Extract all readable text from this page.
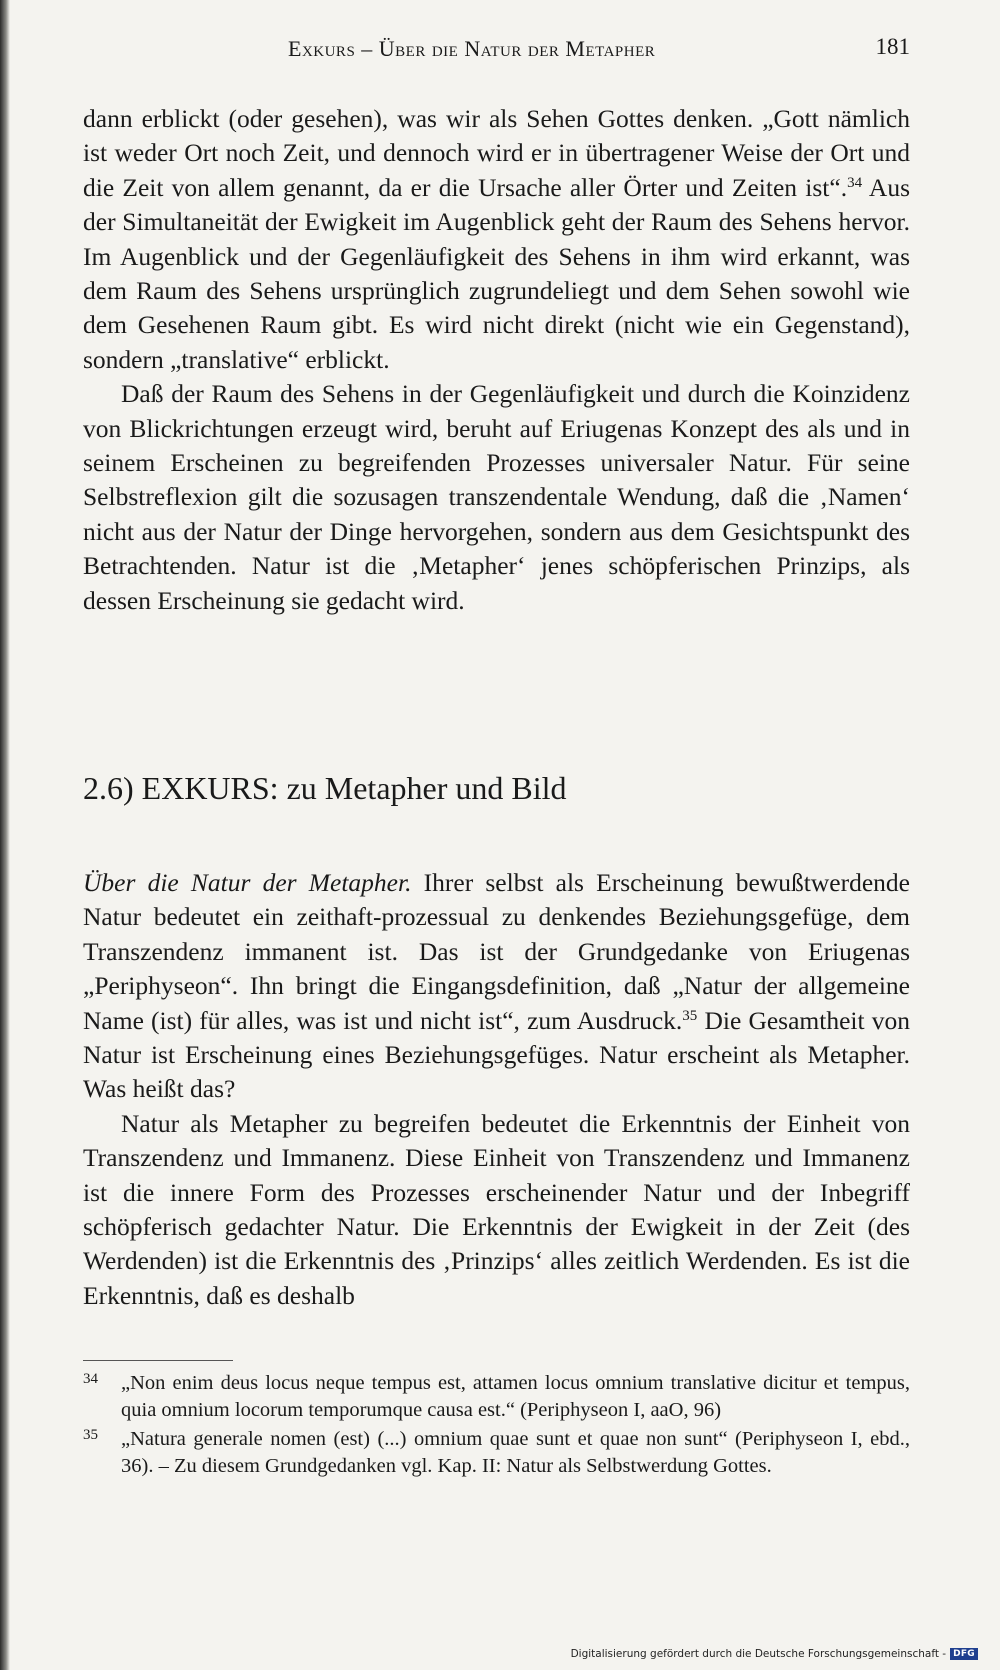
Exkurs – Über die Natur der Metapher	181

dann erblickt (oder gesehen), was wir als Sehen Gottes denken. „Gott nämlich ist weder Ort noch Zeit, und dennoch wird er in übertragener Weise der Ort und die Zeit von allem genannt, da er die Ursache aller Örter und Zeiten ist“.$^{34}$ Aus der Simultaneität der Ewigkeit im Augenblick geht der Raum des Sehens hervor. Im Augenblick und der Gegenläufigkeit des Sehens in ihm wird erkannt, was dem Raum des Sehens ursprünglich zugrundeliegt und dem Sehen sowohl wie dem Gesehenen Raum gibt. Es wird nicht direkt (nicht wie ein Gegenstand), sondern „translative“ erblickt.

Daß der Raum des Sehens in der Gegenläufigkeit und durch die Koinzidenz von Blickrichtungen erzeugt wird, beruht auf Eriugenas Konzept des als und in seinem Erscheinen zu begreifenden Prozesses universaler Natur. Für seine Selbstreflexion gilt die sozusagen transzendentale Wendung, daß die ‚Namen‘ nicht aus der Natur der Dinge hervorgehen, sondern aus dem Gesichtspunkt des Betrachtenden. Natur ist die ‚Metapher‘ jenes schöpferischen Prinzips, als dessen Erscheinung sie gedacht wird.

2.6) EXKURS: zu Metapher und Bild

Über die Natur der Metapher. Ihrer selbst als Erscheinung bewußtwerdende Natur bedeutet ein zeithaft-prozessual zu denkendes Beziehungsgefüge, dem Transzendenz immanent ist. Das ist der Grundgedanke von Eriugenas „Periphyseon“. Ihn bringt die Eingangsdefinition, daß „Natur der allgemeine Name (ist) für alles, was ist und nicht ist“, zum Ausdruck.$^{35}$ Die Gesamtheit von Natur ist Erscheinung eines Beziehungsgefüges. Natur erscheint als Metapher. Was heißt das?

Natur als Metapher zu begreifen bedeutet die Erkenntnis der Einheit von Transzendenz und Immanenz. Diese Einheit von Transzendenz und Immanenz ist die innere Form des Prozesses erscheinender Natur und der Inbegriff schöpferisch gedachter Natur. Die Erkenntnis der Ewigkeit in der Zeit (des Werdenden) ist die Erkenntnis des ‚Prinzips‘ alles zeitlich Werdenden. Es ist die Erkenntnis, daß es deshalb

34 „Non enim deus locus neque tempus est, attamen locus omnium translative dicitur et tempus, quia omnium locorum temporumque causa est.“ (Periphyseon I, aaO, 96)
35 „Natura generale nomen (est) (...) omnium quae sunt et quae non sunt“ (Periphyseon I, ebd., 36). – Zu diesem Grundgedanken vgl. Kap. II: Natur als Selbstwerdung Gottes.
Digitalisierung gefördert durch die Deutsche Forschungsgemeinschaft - DFG
